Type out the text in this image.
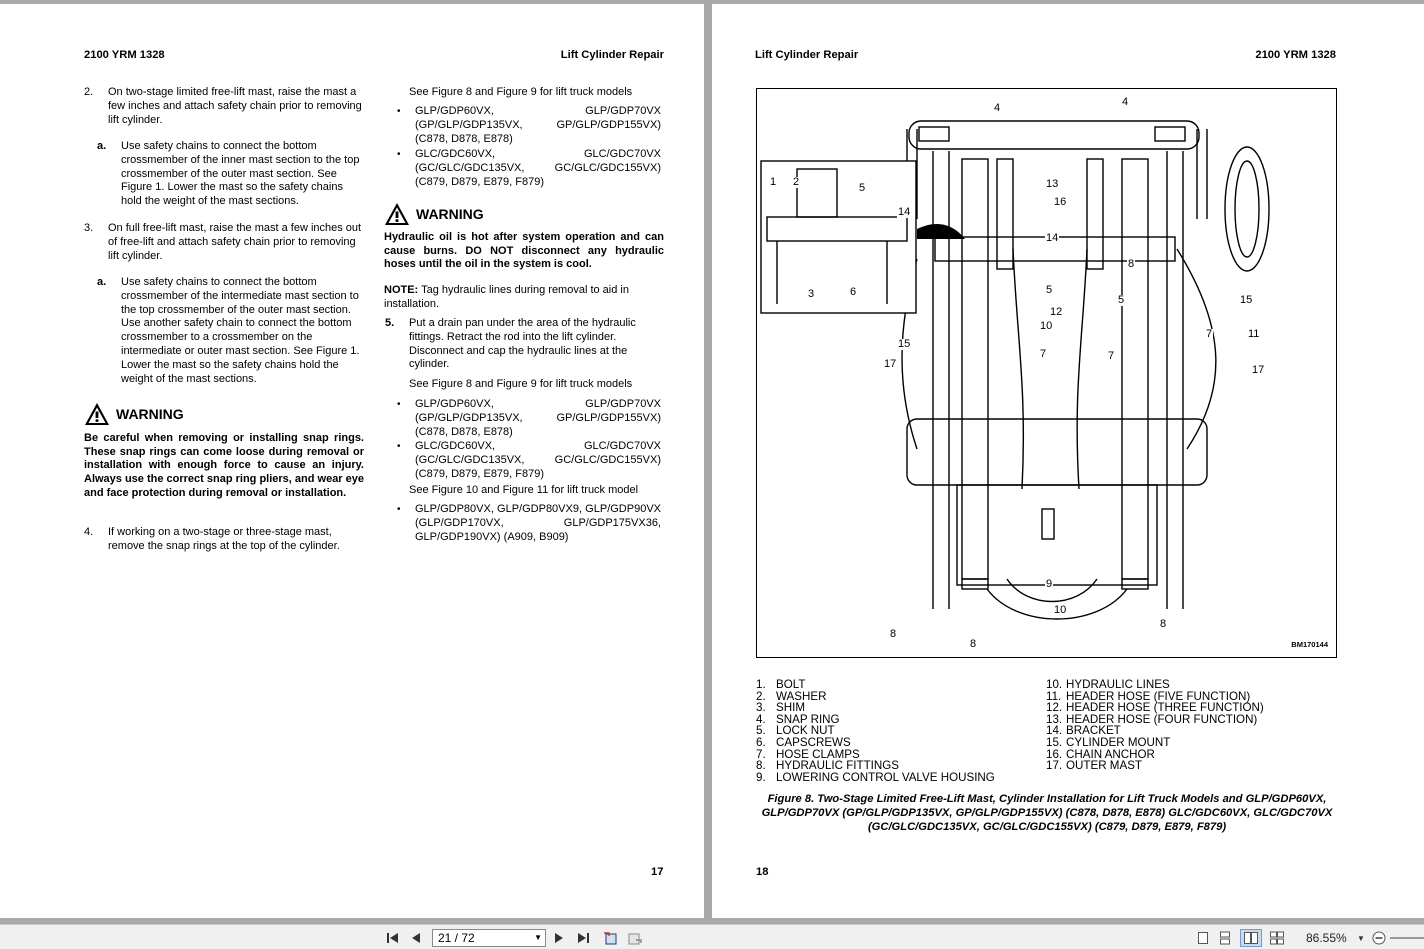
2100 YRM 1328	Lift Cylinder Repair
2. On two-stage limited free-lift mast, raise the mast a few inches and attach safety chain prior to removing lift cylinder.
a. Use safety chains to connect the bottom crossmember of the inner mast section to the top crossmember of the outer mast section. See Figure 1. Lower the mast so the safety chains hold the weight of the mast sections.
3. On full free-lift mast, raise the mast a few inches out of free-lift and attach safety chain prior to removing lift cylinder.
a. Use safety chains to connect the bottom crossmember of the intermediate mast section to the top crossmember of the outer mast section. Use another safety chain to connect the bottom crossmember to a crossmember on the intermediate or outer mast section. See Figure 1. Lower the mast so the safety chains hold the weight of the mast sections.
WARNING
Be careful when removing or installing snap rings. These snap rings can come loose during removal or installation with enough force to cause an injury. Always use the correct snap ring pliers, and wear eye and face protection during removal or installation.
4. If working on a two-stage or three-stage mast, remove the snap rings at the top of the cylinder.
See Figure 8 and Figure 9 for lift truck models
• GLP/GDP60VX, GLP/GDP70VX (GP/GLP/GDP135VX, GP/GLP/GDP155VX) (C878, D878, E878)
• GLC/GDC60VX, GLC/GDC70VX (GC/GLC/GDC135VX, GC/GLC/GDC155VX) (C879, D879, E879, F879)
WARNING
Hydraulic oil is hot after system operation and can cause burns. DO NOT disconnect any hydraulic hoses until the oil in the system is cool.
NOTE: Tag hydraulic lines during removal to aid in installation.
5. Put a drain pan under the area of the hydraulic fittings. Retract the rod into the lift cylinder. Disconnect and cap the hydraulic lines at the cylinder.
See Figure 8 and Figure 9 for lift truck models
• GLP/GDP60VX, GLP/GDP70VX (GP/GLP/GDP135VX, GP/GLP/GDP155VX) (C878, D878, E878)
• GLC/GDC60VX, GLC/GDC70VX (GC/GLC/GDC135VX, GC/GLC/GDC155VX) (C879, D879, E879, F879)
See Figure 10 and Figure 11 for lift truck model
• GLP/GDP80VX, GLP/GDP80VX9, GLP/GDP90VX (GLP/GDP170VX, GLP/GDP175VX36, GLP/GDP190VX) (A909, B909)
17
Lift Cylinder Repair	2100 YRM 1328
BM170144
1 2
3
4	4
5
5
5
6
7
7
7
8
8
8
8
9
10
10
11
12
13
14
14
15
15
16
17	17
1. BOLT
2. WASHER
3. SHIM
4. SNAP RING
5. LOCK NUT
6. CAPSCREWS
7. HOSE CLAMPS
8. HYDRAULIC FITTINGS
9. LOWERING CONTROL VALVE HOUSING
10. HYDRAULIC LINES
11. HEADER HOSE (FIVE FUNCTION)
12. HEADER HOSE (THREE FUNCTION)
13. HEADER HOSE (FOUR FUNCTION)
14. BRACKET
15. CYLINDER MOUNT
16. CHAIN ANCHOR
17. OUTER MAST
Figure 8. Two-Stage Limited Free-Lift Mast, Cylinder Installation for Lift Truck Models and GLP/GDP60VX, GLP/GDP70VX (GP/GLP/GDP135VX, GP/GLP/GDP155VX) (C878, D878, E878) GLC/GDC60VX, GLC/GDC70VX (GC/GLC/GDC135VX, GC/GLC/GDC155VX) (C879, D879, E879, F879)
18
21 / 72	▼	86.55% ▼
